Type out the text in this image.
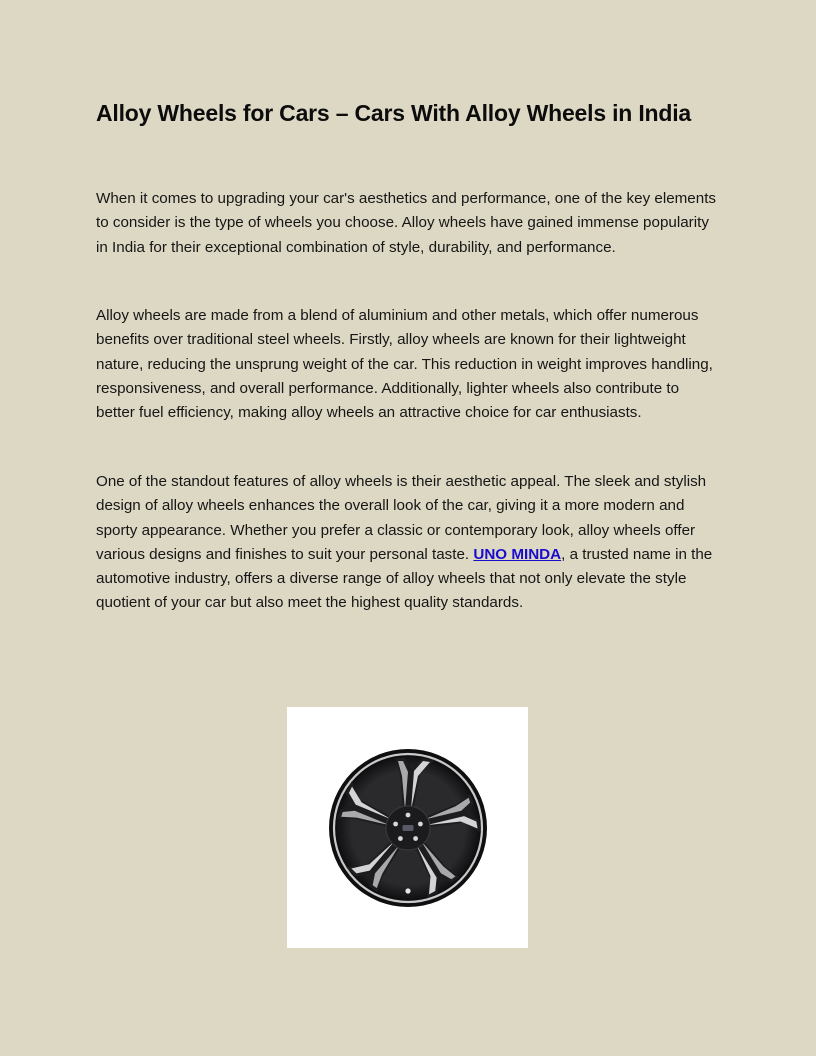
Alloy Wheels for Cars – Cars With Alloy Wheels in India

When it comes to upgrading your car's aesthetics and performance, one of the key elements to consider is the type of wheels you choose. Alloy wheels have gained immense popularity in India for their exceptional combination of style, durability, and performance.

Alloy wheels are made from a blend of aluminium and other metals, which offer numerous benefits over traditional steel wheels. Firstly, alloy wheels are known for their lightweight nature, reducing the unsprung weight of the car. This reduction in weight improves handling, responsiveness, and overall performance. Additionally, lighter wheels also contribute to better fuel efficiency, making alloy wheels an attractive choice for car enthusiasts.

One of the standout features of alloy wheels is their aesthetic appeal. The sleek and stylish design of alloy wheels enhances the overall look of the car, giving it a more modern and sporty appearance. Whether you prefer a classic or contemporary look, alloy wheels offer various designs and finishes to suit your personal taste. UNO MINDA, a trusted name in the automotive industry, offers a diverse range of alloy wheels that not only elevate the style quotient of your car but also meet the highest quality standards.
